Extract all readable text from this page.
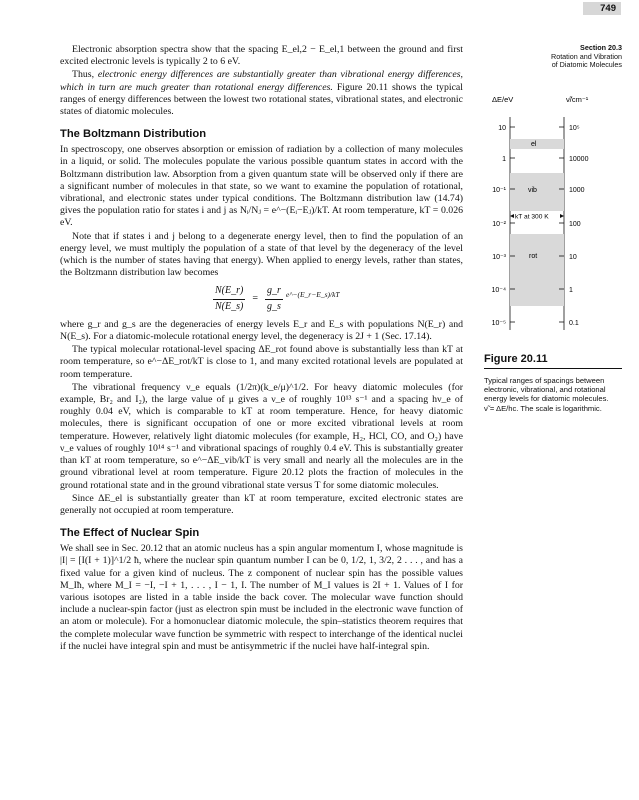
749
Section 20.3
Rotation and Vibration
of Diatomic Molecules
ΔE/eV	ν̃/cm⁻¹
el
vib
rot
kT at 300 K
10
1
10⁻¹
10⁻²
10⁻³
10⁻⁴
10⁻⁵
10⁵
10000
1000
100
10
1
0.1
Figure 20.11
Typical ranges of spacings between electronic, vibrational, and rotational energy levels for diatomic molecules. ν̃ = ΔE/hc. The scale is logarithmic.

Electronic absorption spectra show that the spacing E_el,2 − E_el,1 between the ground and first excited electronic levels is typically 2 to 6 eV.

Thus, electronic energy differences are substantially greater than vibrational energy differences, which in turn are much greater than rotational energy differences. Figure 20.11 shows the typical ranges of energy differences between the lowest two rotational states, vibrational states, and electronic states of diatomic molecules.

The Boltzmann Distribution

In spectroscopy, one observes absorption or emission of radiation by a collection of many molecules in a liquid, or solid. The molecules populate the various possible quantum states in accord with the Boltzmann distribution law. Absorption from a given quantum state will be observed only if there are a significant number of molecules in that state, so we want to examine the population of rotational, vibrational, and electronic states under typical conditions. The Boltzmann distribution law (14.74) gives the population ratio for states i and j as Nᵢ/Nⱼ = e^−(Eᵢ−Eⱼ)/kT. At room temperature, kT = 0.026 eV.

Note that if states i and j belong to a degenerate energy level, then to find the population of an energy level, we must multiply the population of a state of that level by the degeneracy of the level (which is the number of states having that energy). When applied to energy levels, rather than states, the Boltzmann distribution law becomes

$\frac{N(E\_r)}{N(E\_s)} = \frac{g\_r}{g\_s}$ e^−(E_r−E_s)/kT

where g_r and g_s are the degeneracies of energy levels E_r and E_s with populations N(E_r) and N(E_s). For a diatomic-molecule rotational energy level, the degeneracy is 2J + 1 (Sec. 17.14).

The typical molecular rotational-level spacing ΔE_rot found above is substantially less than kT at room temperature, so e^−ΔE_rot/kT is close to 1, and many excited rotational levels are populated at room temperature.

The vibrational frequency ν_e equals (1/2π)(k_e/μ)^1/2. For heavy diatomic molecules (for example, Br₂ and I₂), the large value of μ gives a ν_e of roughly 10¹³ s⁻¹ and a spacing hν_e of roughly 0.04 eV, which is comparable to kT at room temperature. Hence, for heavy diatomic molecules, there is significant occupation of one or more excited vibrational levels at room temperature. However, relatively light diatomic molecules (for example, H₂, HCl, CO, and O₂) have ν_e values of roughly 10¹⁴ s⁻¹ and vibrational spacings of roughly 0.4 eV. This is substantially greater than kT at room temperature, so e^−ΔE_vib/kT is very small and nearly all the molecules are in the ground vibrational level at room temperature. Figure 20.12 plots the fraction of molecules in the ground rotational state and in the ground vibrational state versus T for some diatomic molecules.

Since ΔE_el is substantially greater than kT at room temperature, excited electronic states are generally not occupied at room temperature.

The Effect of Nuclear Spin

We shall see in Sec. 20.12 that an atomic nucleus has a spin angular momentum I, whose magnitude is |I| = [I(I + 1)]^1/2 ħ, where the nuclear spin quantum number I can be 0, 1/2, 1, 3/2, 2 . . . , and has a fixed value for a given kind of nucleus. The z component of nuclear spin has the possible values M_Iħ, where M_I = −I, −I + 1, . . . , I − 1, I. The number of M_I values is 2I + 1. Values of I for various isotopes are listed in a table inside the back cover. The molecular wave function should include a nuclear-spin factor (just as electron spin must be included in the electronic wave function of an atom or molecule). For a homonuclear diatomic molecule, the spin–statistics theorem requires that the complete molecular wave function be symmetric with respect to interchange of the identical nuclei if the nuclei have integral spin and must be antisymmetric if the nuclei have half-integral spin.
